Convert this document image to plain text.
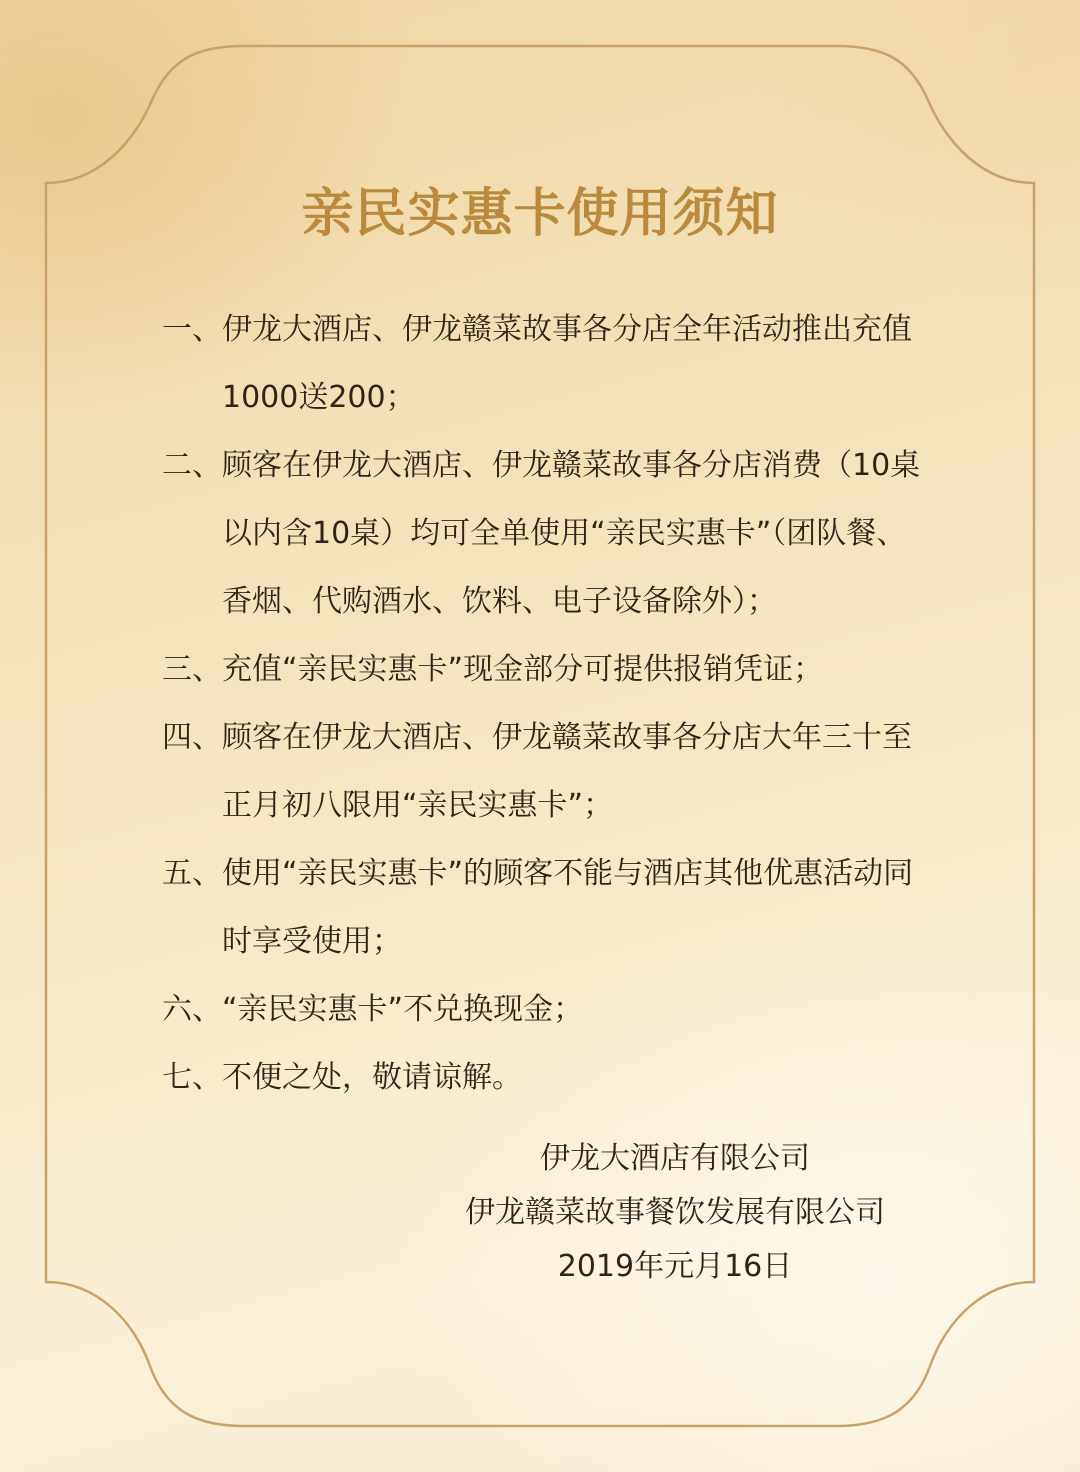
亲民实惠卡使用须知
一、 伊龙大酒店、伊龙赣菜故事各分店全年活动推出充值1000送200；
二、 顾客在伊龙大酒店、伊龙赣菜故事各分店消费（10桌以内含10桌）均可全单使用“亲民实惠卡”（团队餐、香烟、代购酒水、饮料、电子设备除外）；
三、 充值“亲民实惠卡”现金部分可提供报销凭证；
四、 顾客在伊龙大酒店、伊龙赣菜故事各分店大年三十至正月初八限用“亲民实惠卡”；
五、 使用“亲民实惠卡”的顾客不能与酒店其他优惠活动同时享受使用；
六、 “亲民实惠卡”不兑换现金；
七、 不便之处，敬请谅解。
伊龙大酒店有限公司
伊龙赣菜故事餐饮发展有限公司
2019年元月16日
